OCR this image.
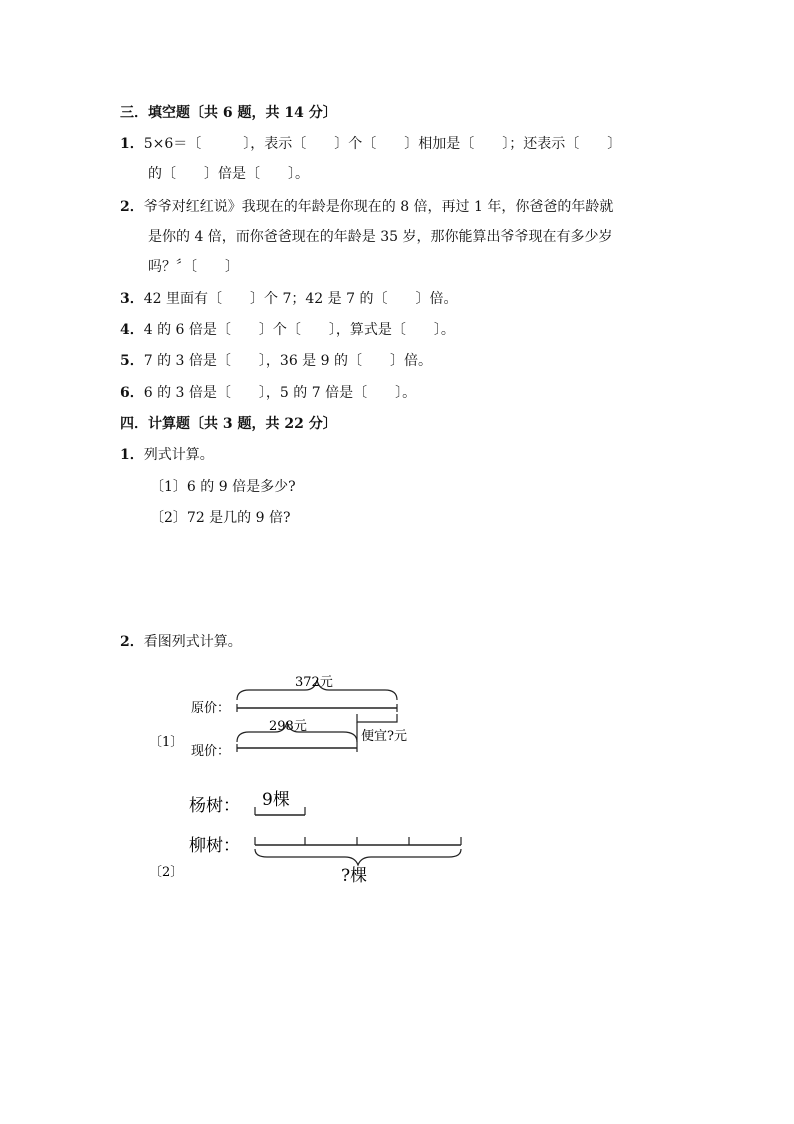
三．填空题〔共 6 题，共 14 分〕
1．5×6＝〔　　　〕，表示〔　　〕个〔　　〕相加是〔　　〕；还表示〔　　〕
的〔　　〕倍是〔　　〕。
2．爷爷对红红说》我现在的年龄是你现在的 8 倍，再过 1 年，你爸爸的年龄就
是你的 4 倍，而你爸爸现在的年龄是 35 岁，那你能算出爷爷现在有多少岁
吗？〞〔　　〕
3．42 里面有〔　　〕个 7；42 是 7 的〔　　〕倍。
4．4 的 6 倍是〔　　〕个〔　　〕，算式是〔　　〕。
5．7 的 3 倍是〔　　〕，36 是 9 的〔　　〕倍。
6．6 的 3 倍是〔　　〕，5 的 7 倍是〔　　〕。
四．计算题〔共 3 题，共 22 分〕
1．列式计算。
〔1〕6 的 9 倍是多少?
〔2〕72 是几的 9 倍?
2．看图列式计算。
〔1〕
原价：
现价：
372元
298元
便宜?元
〔2〕
杨树：
柳树：
9棵
?棵
